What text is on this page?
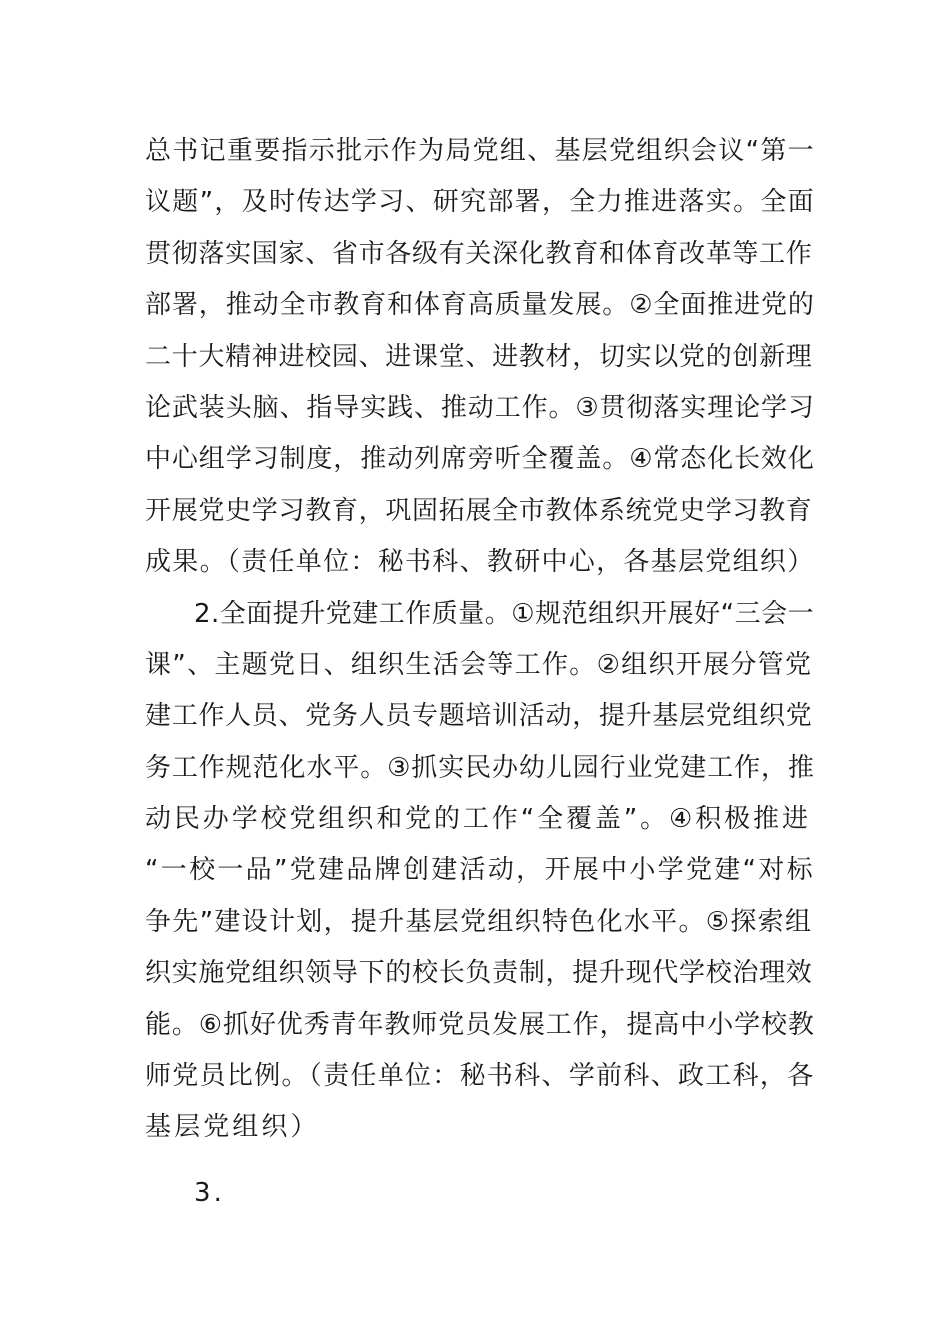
总书记重要指示批示作为局党组、基层党组织会议“第一
议题”，及时传达学习、研究部署，全力推进落实。全面
贯彻落实国家、省市各级有关深化教育和体育改革等工作
部署，推动全市教育和体育高质量发展。②全面推进党的
二十大精神进校园、进课堂、进教材，切实以党的创新理
论武装头脑、指导实践、推动工作。③贯彻落实理论学习
中心组学习制度，推动列席旁听全覆盖。④常态化长效化
开展党史学习教育，巩固拓展全市教体系统党史学习教育
成果。（责任单位：秘书科、教研中心，各基层党组织）
2.全面提升党建工作质量。①规范组织开展好“三会一
课”、主题党日、组织生活会等工作。②组织开展分管党
建工作人员、党务人员专题培训活动，提升基层党组织党
务工作规范化水平。③抓实民办幼儿园行业党建工作，推
动民办学校党组织和党的工作“全覆盖”。④积极推进
“一校一品”党建品牌创建活动，开展中小学党建“对标
争先”建设计划，提升基层党组织特色化水平。⑤探索组
织实施党组织领导下的校长负责制，提升现代学校治理效
能。⑥抓好优秀青年教师党员发展工作，提高中小学校教
师党员比例。（责任单位：秘书科、学前科、政工科，各
基层党组织）
3.
